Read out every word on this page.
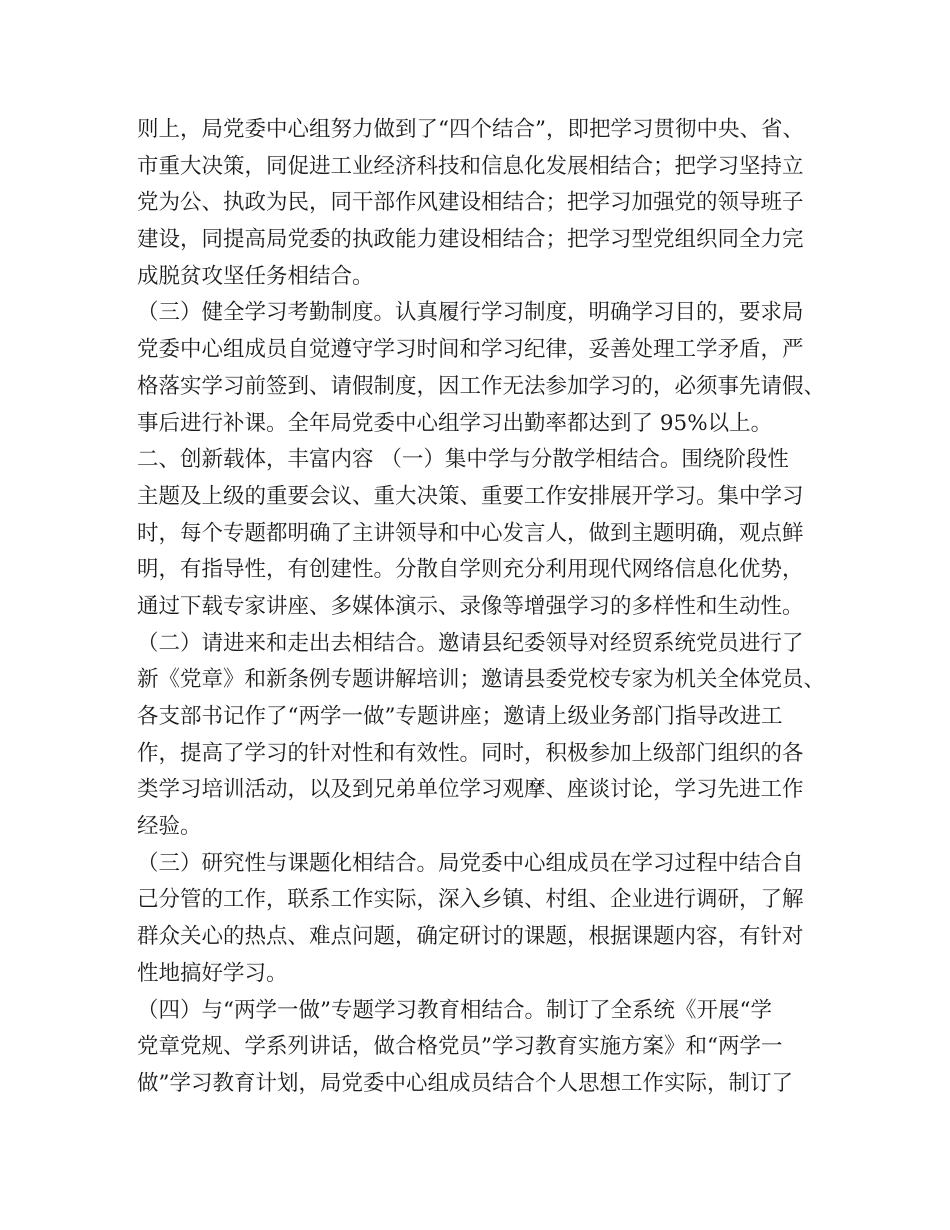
则上，局党委中心组努力做到了“四个结合”，即把学习贯彻中央、省、
市重大决策，同促进工业经济科技和信息化发展相结合；把学习坚持立
党为公、执政为民，同干部作风建设相结合；把学习加强党的领导班子
建设，同提高局党委的执政能力建设相结合；把学习型党组织同全力完
成脱贫攻坚任务相结合。
（三）健全学习考勤制度。认真履行学习制度，明确学习目的，要求局
党委中心组成员自觉遵守学习时间和学习纪律，妥善处理工学矛盾，严
格落实学习前签到、请假制度，因工作无法参加学习的，必须事先请假、
事后进行补课。全年局党委中心组学习出勤率都达到了 95%以上。
二、创新载体，丰富内容 （一）集中学与分散学相结合。围绕阶段性
主题及上级的重要会议、重大决策、重要工作安排展开学习。集中学习
时，每个专题都明确了主讲领导和中心发言人，做到主题明确，观点鲜
明，有指导性，有创建性。分散自学则充分利用现代网络信息化优势，
通过下载专家讲座、多媒体演示、录像等增强学习的多样性和生动性。
（二）请进来和走出去相结合。邀请县纪委领导对经贸系统党员进行了
新《党章》和新条例专题讲解培训；邀请县委党校专家为机关全体党员、
各支部书记作了“两学一做”专题讲座；邀请上级业务部门指导改进工
作，提高了学习的针对性和有效性。同时，积极参加上级部门组织的各
类学习培训活动，以及到兄弟单位学习观摩、座谈讨论，学习先进工作
经验。
（三）研究性与课题化相结合。局党委中心组成员在学习过程中结合自
己分管的工作，联系工作实际，深入乡镇、村组、企业进行调研，了解
群众关心的热点、难点问题，确定研讨的课题，根据课题内容，有针对
性地搞好学习。
（四）与“两学一做”专题学习教育相结合。制订了全系统《开展“学
党章党规、学系列讲话，做合格党员”学习教育实施方案》和“两学一
做”学习教育计划，局党委中心组成员结合个人思想工作实际，制订了
